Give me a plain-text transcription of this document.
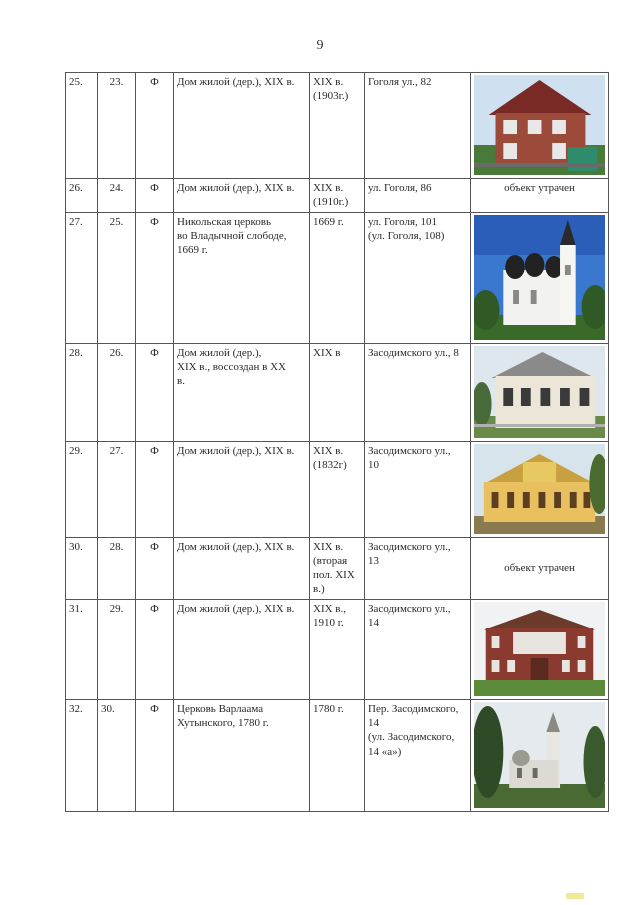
9
25.	23.	Ф	Дом жилой (дер.), XIX в.	XIX в.
(1903г.)	Гоголя ул., 82

26.	24.	Ф	Дом жилой (дер.), XIX в.	XIX в.
(1910г.)	ул. Гоголя, 86	объект утрачен
27.	25.	Ф	Никольская церковь
во Владычной слободе,
1669 г.	1669 г.	ул. Гоголя, 101
(ул. Гоголя, 108)

28.	26.	Ф	Дом жилой (дер.),
XIX в., воссоздан в XX
в.	XIX в	Засодимского ул., 8

29.	27.	Ф	Дом жилой (дер.), XIX в.	XIX в.
(1832г)	Засодимского ул.,
10

30.	28.	Ф	Дом жилой (дер.), XIX в.	XIX в.
(вторая
пол. XIX
в.)	Засодимского ул.,
13	объект утрачен
31.	29.	Ф	Дом жилой (дер.), XIX в.	XIX в.,
1910 г.	Засодимского ул.,
14

32.	30.	Ф	Церковь Варлаама
Хутынского, 1780 г.	1780 г.	Пер. Засодимского,
14
(ул. Засодимского,
14 «а»)
